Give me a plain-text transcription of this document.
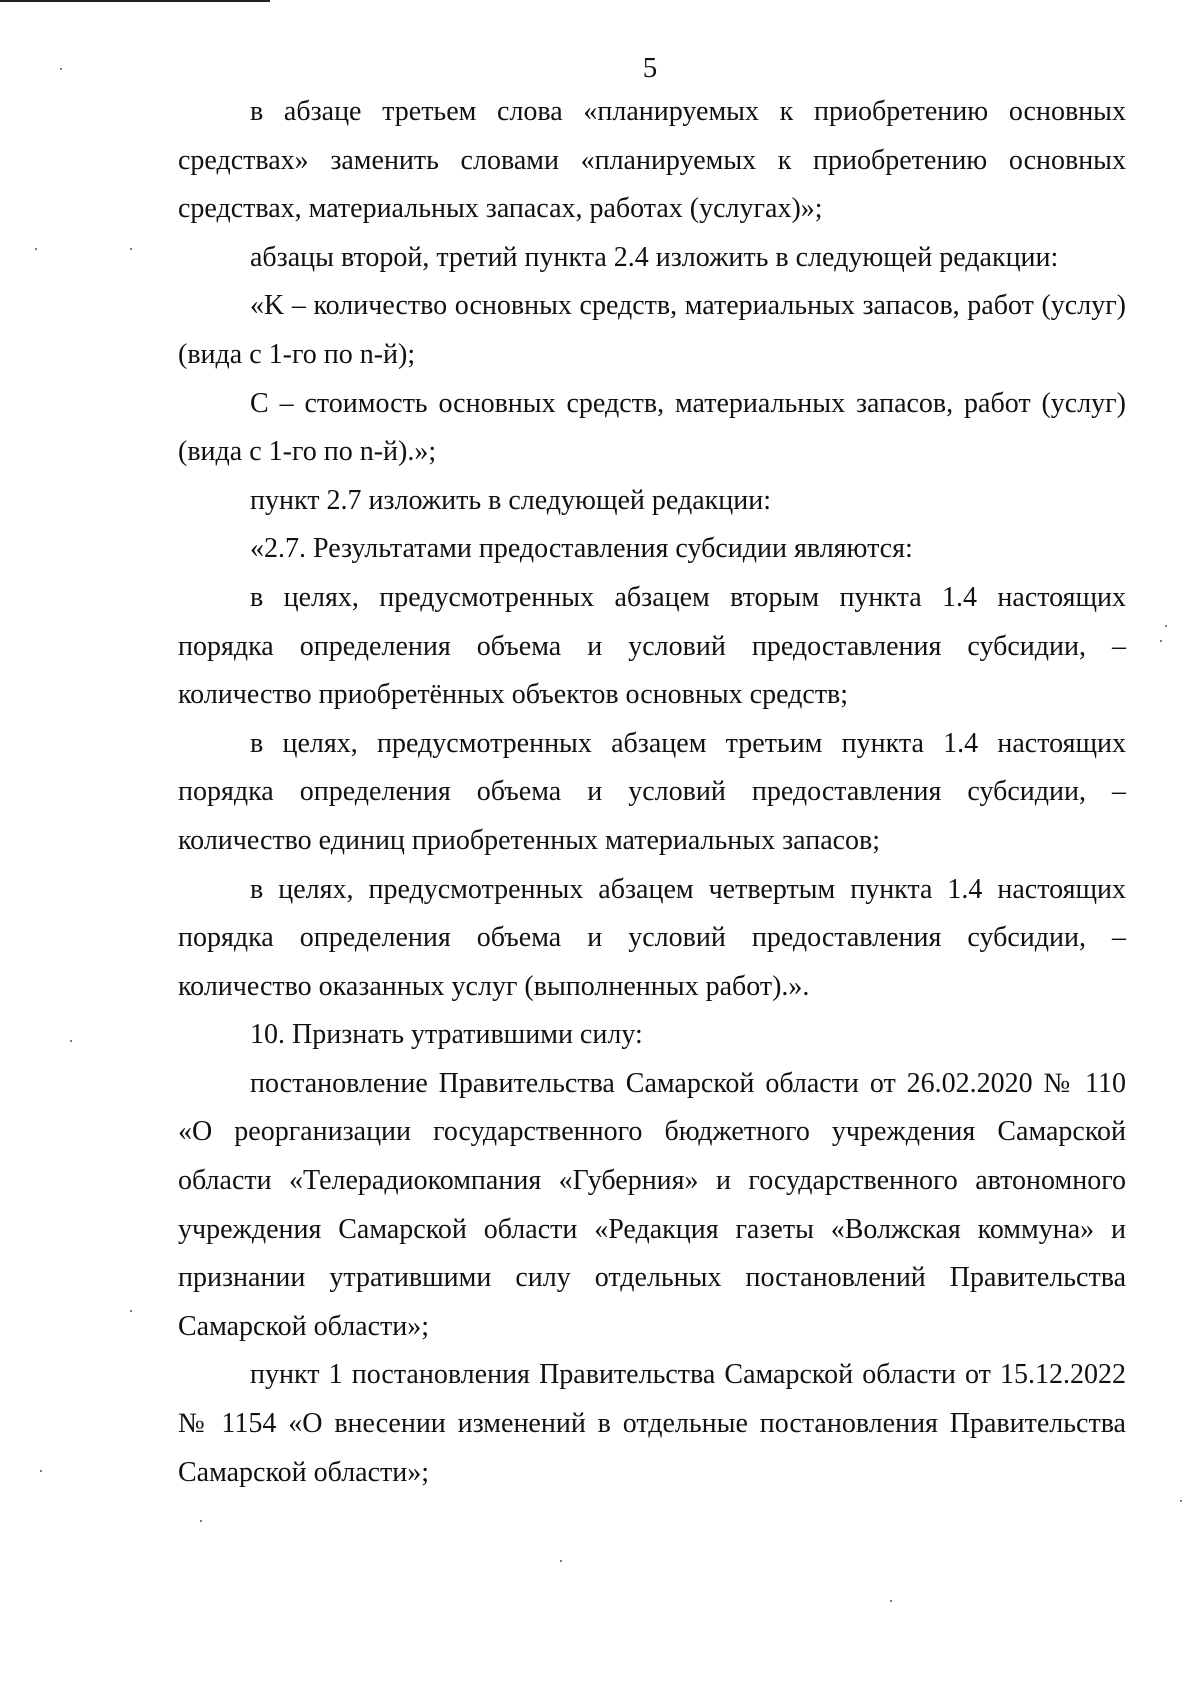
5

в абзаце третьем слова «планируемых к приобретению основных средствах» заменить словами «планируемых к приобретению основных средствах, материальных запасах, работах (услугах)»;

абзацы второй, третий пункта 2.4 изложить в следующей редакции:

«K – количество основных средств, материальных запасов, работ (услуг) (вида с 1-го по n-й);

C – стоимость основных средств, материальных запасов, работ (услуг) (вида с 1-го по n-й).»;

пункт 2.7 изложить в следующей редакции:

«2.7. Результатами предоставления субсидии являются:

в целях, предусмотренных абзацем вторым пункта 1.4 настоящих порядка определения объема и условий предоставления субсидии, – количество приобретённых объектов основных средств;

в целях, предусмотренных абзацем третьим пункта 1.4 настоящих порядка определения объема и условий предоставления субсидии, – количество единиц приобретенных материальных запасов;

в целях, предусмотренных абзацем четвертым пункта 1.4 настоящих порядка определения объема и условий предоставления субсидии, – количество оказанных услуг (выполненных работ).».

10. Признать утратившими силу:

постановление Правительства Самарской области от 26.02.2020 № 110 «О реорганизации государственного бюджетного учреждения Самарской области «Телерадиокомпания «Губерния» и государственного автономного учреждения Самарской области «Редакция газеты «Волжская коммуна» и признании утратившими силу отдельных постановлений Правительства Самарской области»;

пункт 1 постановления Правительства Самарской области от 15.12.2022 № 1154 «О внесении изменений в отдельные постановления Правительства Самарской области»;
